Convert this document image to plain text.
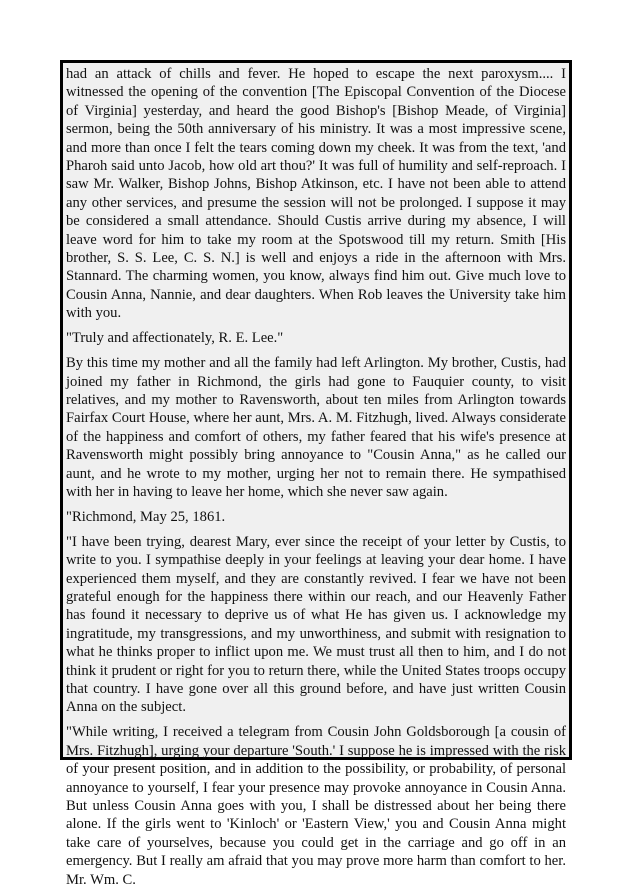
had an attack of chills and fever. He hoped to escape the next paroxysm.... I witnessed the opening of the convention [The Episcopal Convention of the Diocese of Virginia] yesterday, and heard the good Bishop's [Bishop Meade, of Virginia] sermon, being the 50th anniversary of his ministry. It was a most impressive scene, and more than once I felt the tears coming down my cheek. It was from the text, 'and Pharoh said unto Jacob, how old art thou?' It was full of humility and self-reproach. I saw Mr. Walker, Bishop Johns, Bishop Atkinson, etc. I have not been able to attend any other services, and presume the session will not be prolonged. I suppose it may be considered a small attendance. Should Custis arrive during my absence, I will leave word for him to take my room at the Spotswood till my return. Smith [His brother, S. S. Lee, C. S. N.] is well and enjoys a ride in the afternoon with Mrs. Stannard. The charming women, you know, always find him out. Give much love to Cousin Anna, Nannie, and dear daughters. When Rob leaves the University take him with you.

"Truly and affectionately, R. E. Lee."

By this time my mother and all the family had left Arlington. My brother, Custis, had joined my father in Richmond, the girls had gone to Fauquier county, to visit relatives, and my mother to Ravensworth, about ten miles from Arlington towards Fairfax Court House, where her aunt, Mrs. A. M. Fitzhugh, lived. Always considerate of the happiness and comfort of others, my father feared that his wife's presence at Ravensworth might possibly bring annoyance to "Cousin Anna," as he called our aunt, and he wrote to my mother, urging her not to remain there. He sympathised with her in having to leave her home, which she never saw again.

"Richmond, May 25, 1861.

"I have been trying, dearest Mary, ever since the receipt of your letter by Custis, to write to you. I sympathise deeply in your feelings at leaving your dear home. I have experienced them myself, and they are constantly revived. I fear we have not been grateful enough for the happiness there within our reach, and our Heavenly Father has found it necessary to deprive us of what He has given us. I acknowledge my ingratitude, my transgressions, and my unworthiness, and submit with resignation to what he thinks proper to inflict upon me. We must trust all then to him, and I do not think it prudent or right for you to return there, while the United States troops occupy that country. I have gone over all this ground before, and have just written Cousin Anna on the subject.

"While writing, I received a telegram from Cousin John Goldsborough [a cousin of Mrs. Fitzhugh], urging your departure 'South.' I suppose he is impressed with the risk of your present position, and in addition to the possibility, or probability, of personal annoyance to yourself, I fear your presence may provoke annoyance in Cousin Anna. But unless Cousin Anna goes with you, I shall be distressed about her being there alone. If the girls went to 'Kinloch' or 'Eastern View,' you and Cousin Anna might take care of yourselves, because you could get in the carriage and go off in an emergency. But I really am afraid that you may prove more harm than comfort to her. Mr. Wm. C.
